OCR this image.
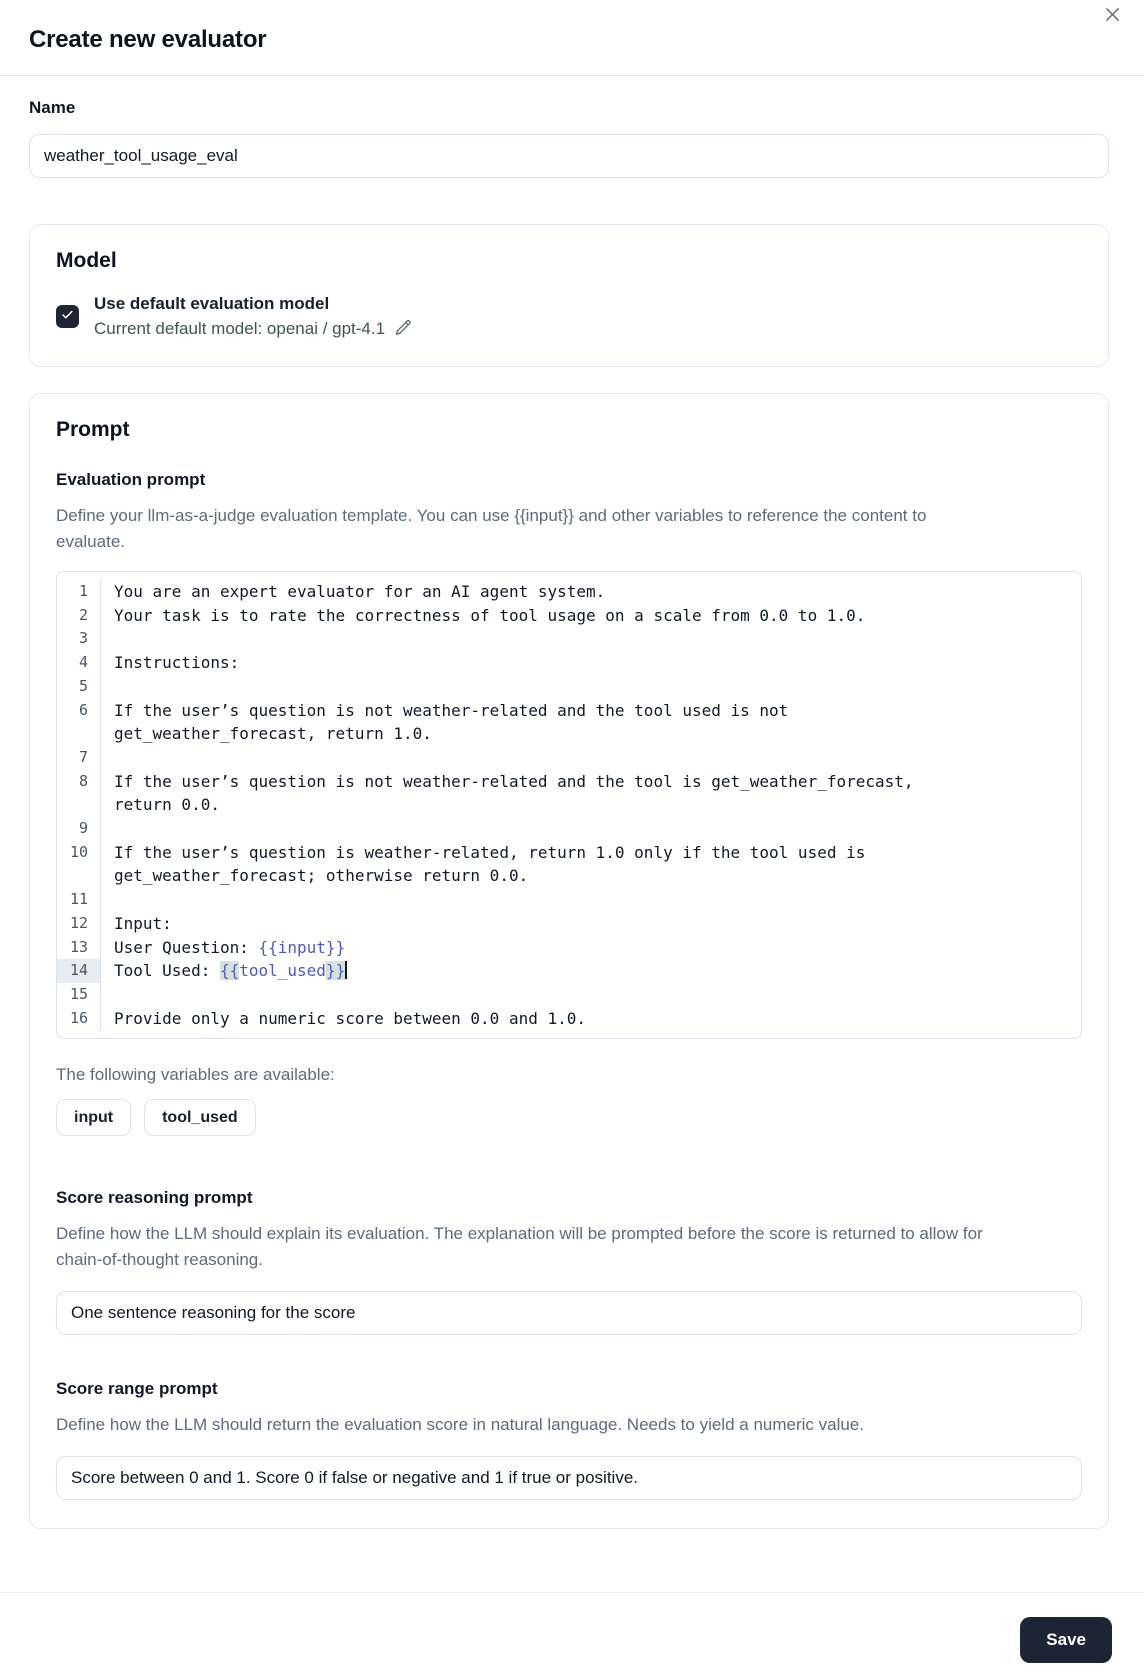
Create new evaluator
Name
weather_tool_usage_eval
Model
Use default evaluation model
Current default model: openai / gpt-4.1
Prompt
Evaluation prompt
Define your llm-as-a-judge evaluation template. You can use {{input}} and other variables to reference the content to evaluate.
1	You are an expert evaluator for an AI agent system.
2	Your task is to rate the correctness of tool usage on a scale from 0.0 to 1.0.
3

4	Instructions:
5

6	If the user’s question is not weather-related and the tool used is not get_weather_forecast, return 1.0.
7

8	If the user’s question is not weather-related and the tool is get_weather_forecast, return 0.0.
9

10	If the user’s question is weather-related, return 1.0 only if the tool used is get_weather_forecast; otherwise return 0.0.
11

12	Input:
13	User Question: {{input}}
14	Tool Used: {{tool_used}}
15

16	Provide only a numeric score between 0.0 and 1.0.
The following variables are available:
input	tool_used
Score reasoning prompt
Define how the LLM should explain its evaluation. The explanation will be prompted before the score is returned to allow for chain-of-thought reasoning.
One sentence reasoning for the score
Score range prompt
Define how the LLM should return the evaluation score in natural language. Needs to yield a numeric value.
Score between 0 and 1. Score 0 if false or negative and 1 if true or positive.
Save
